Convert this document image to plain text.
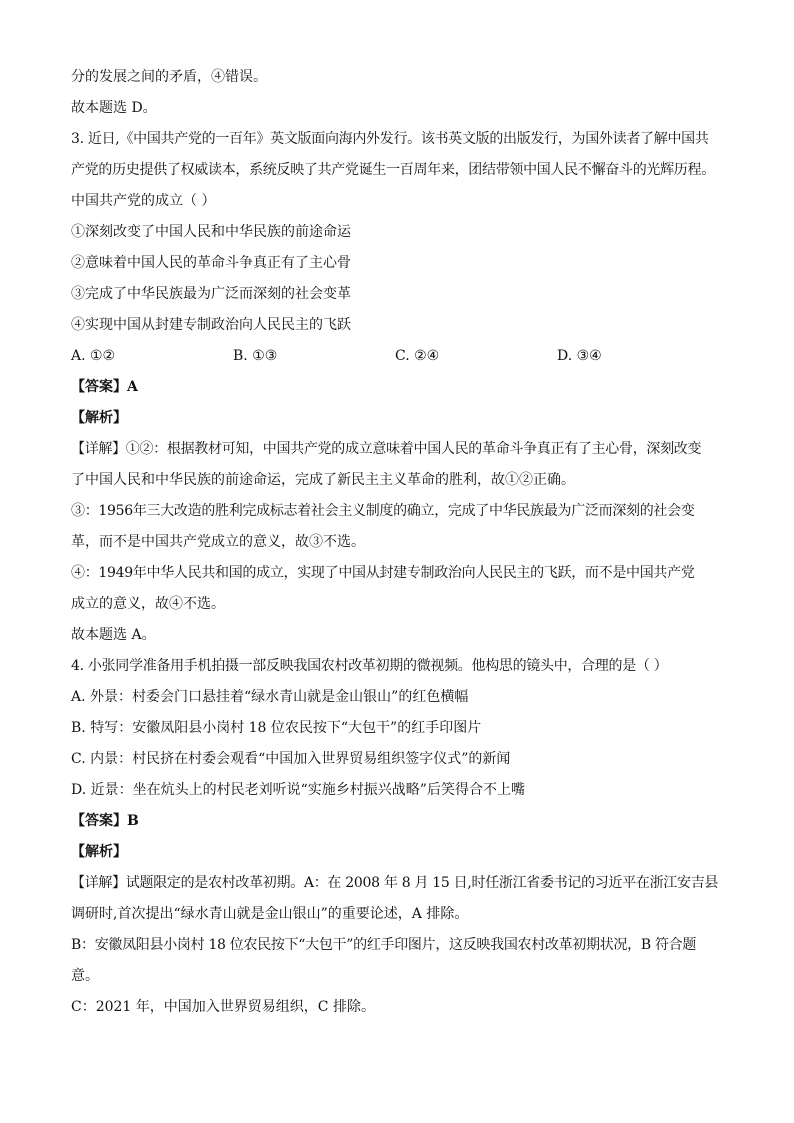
分的发展之间的矛盾，④错误。
故本题选 D。
3. 近日,《中国共产党的一百年》英文版面向海内外发行。该书英文版的出版发行，为国外读者了解中国共
产党的历史提供了权威读本，系统反映了共产党诞生一百周年来，团结带领中国人民不懈奋斗的光辉历程。
中国共产党的成立（ ）
①深刻改变了中国人民和中华民族的前途命运
②意味着中国人民的革命斗争真正有了主心骨
③完成了中华民族最为广泛而深刻的社会变革
④实现中国从封建专制政治向人民民主的飞跃
A. ①②	B. ①③	C. ②④	D. ③④
【答案】A
【解析】
【详解】①②：根据教材可知，中国共产党的成立意味着中国人民的革命斗争真正有了主心骨，深刻改变
了中国人民和中华民族的前途命运，完成了新民主主义革命的胜利，故①②正确。
③：1956年三大改造的胜利完成标志着社会主义制度的确立，完成了中华民族最为广泛而深刻的社会变
革，而不是中国共产党成立的意义，故③不选。
④：1949年中华人民共和国的成立，实现了中国从封建专制政治向人民民主的飞跃，而不是中国共产党
成立的意义，故④不选。
故本题选 A。
4. 小张同学准备用手机拍摄一部反映我国农村改革初期的微视频。他构思的镜头中，合理的是（ ）
A. 外景：村委会门口悬挂着“绿水青山就是金山银山”的红色横幅
B. 特写：安徽凤阳县小岗村 18 位农民按下“大包干”的红手印图片
C. 内景：村民挤在村委会观看“中国加入世界贸易组织签字仪式”的新闻
D. 近景：坐在炕头上的村民老刘听说“实施乡村振兴战略”后笑得合不上嘴
【答案】B
【解析】
【详解】试题限定的是农村改革初期。A：在 2008 年 8 月 15 日,时任浙江省委书记的习近平在浙江安吉县
调研时,首次提出“绿水青山就是金山银山”的重要论述，A 排除。
B：安徽凤阳县小岗村 18 位农民按下“大包干”的红手印图片，这反映我国农村改革初期状况，B 符合题
意。
C：2021 年，中国加入世界贸易组织，C 排除。
